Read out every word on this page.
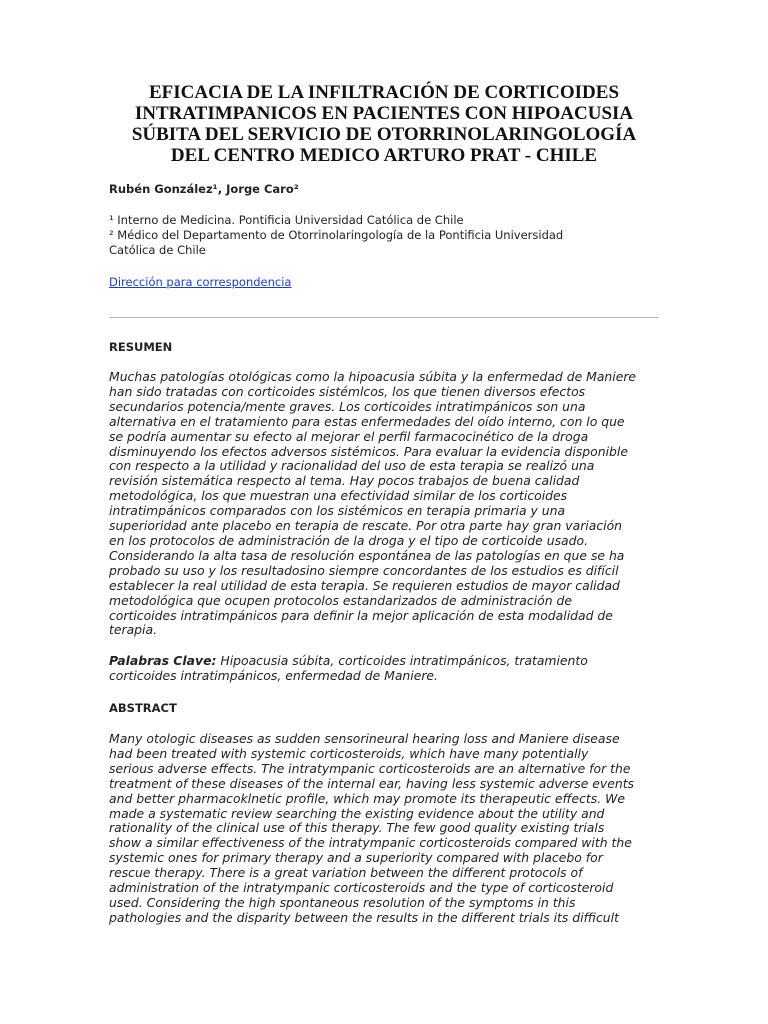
EFICACIA DE LA INFILTRACIÓN DE CORTICOIDES
INTRATIMPANICOS EN PACIENTES CON HIPOACUSIA
SÚBITA DEL SERVICIO DE OTORRINOLARINGOLOGÍA
DEL CENTRO MEDICO ARTURO PRAT - CHILE
Rubén González¹, Jorge Caro²

¹ Interno de Medicina. Pontificia Universidad Católica de Chile

² Médico del Departamento de Otorrinolaringología de la Pontificia Universidad

Católica de Chile

Dirección para correspondencia
RESUMEN

Muchas patologías otológicas como la hipoacusia súbita y la enfermedad de Maniere

han sido tratadas con corticoides sistémlcos, los que tienen diversos efectos

secundarios potencia/mente graves. Los corticoides intratimpánicos son una

alternativa en el tratamiento para estas enfermedades del oído interno, con lo que

se podría aumentar su efecto al mejorar el perfil farmacocinético de la droga

disminuyendo los efectos adversos sistémicos. Para evaluar la evidencia disponible

con respecto a la utilidad y racionalidad del uso de esta terapia se realizó una

revisión sistemática respecto al tema. Hay pocos trabajos de buena calidad

metodológica, los que muestran una efectividad similar de los corticoides

intratimpánicos comparados con los sistémicos en terapia primaria y una

superioridad ante placebo en terapia de rescate. Por otra parte hay gran variación

en los protocolos de administración de la droga y el tipo de corticoide usado.

Considerando la alta tasa de resolución espontánea de las patologías en que se ha

probado su uso y los resultadosino siempre concordantes de los estudios es difícil

establecer la real utilidad de esta terapia. Se requieren estudios de mayor calidad

metodológica que ocupen protocolos estandarizados de administración de

corticoides intratimpánicos para definir la mejor aplicación de esta modalidad de

terapia.

Palabras Clave: Hipoacusia súbita, corticoides intratimpánicos, tratamiento

corticoides intratimpánicos, enfermedad de Maniere.

ABSTRACT

Many otologic diseases as sudden sensorineural hearing loss and Maniere disease

had been treated with systemic corticosteroids, which have many potentially

serious adverse effects. The intratympanic corticosteroids are an alternative for the

treatment of these diseases of the internal ear, having less systemic adverse events

and better pharmacoklnetic profile, which may promote its therapeutic effects. We

made a systematic review searching the existing evidence about the utility and

rationality of the clinical use of this therapy. The few good quality existing trials

show a similar effectiveness of the intratympanic corticosteroids compared with the

systemic ones for primary therapy and a superiority compared with placebo for

rescue therapy. There is a great variation between the different protocols of

administration of the intratympanic corticosteroids and the type of corticosteroid

used. Considering the high spontaneous resolution of the symptoms in this

pathologies and the disparity between the results in the different trials its difficult
